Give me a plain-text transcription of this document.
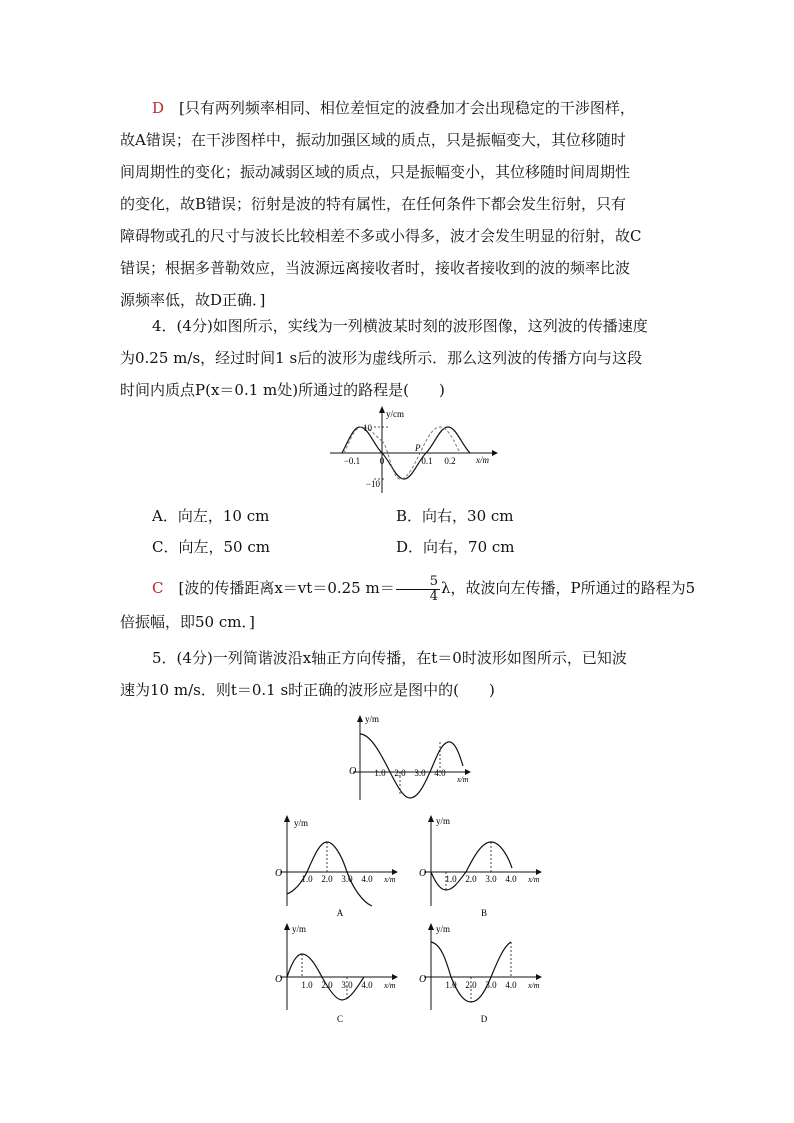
D　 [只有两列频率相同、相位差恒定的波叠加才会出现稳定的干涉图样，

故A错误；在干涉图样中，振动加强区域的质点，只是振幅变大，其位移随时

间周期性的变化；振动减弱区域的质点，只是振幅变小，其位移随时间周期性

的变化，故B错误；衍射是波的特有属性，在任何条件下都会发生衍射，只有

障碍物或孔的尺寸与波长比较相差不多或小得多，波才会发生明显的衍射，故C

错误；根据多普勒效应，当波源远离接收者时，接收者接收到的波的频率比波

源频率低，故D正确．]

4．(4分)如图所示，实线为一列横波某时刻的波形图像，这列波的传播速度

为0.25 m/s，经过时间1 s后的波形为虚线所示．那么这列波的传播方向与这段

时间内质点P(x＝0.1 m处)所通过的路程是(　　)

y/cm
x/m
10
−10
−0.1 0	0.1 0.2
P
A．向左，10 cm	B．向右，30 cm
C．向左，50 cm	D．向右，70 cm

C　 [波的传播距离x＝vt＝0.25 $m= \frac{5}{4}$ λ，故波向左传播，P所通过的路程为5

倍振幅，即50 cm．]

5．(4分)一列简谐波沿x轴正方向传播，在t＝0时波形如图所示，已知波

速为10 m/s．则t＝0.1 s时正确的波形应是图中的(　　)

y/m
O
x/m
1.0 2.0 3.0 4.0
y/m
O
x/m
1.0 2.0 3.0 4.0
A
y/m
O
x/m
1.0 2.0 3.0 4.0
B
y/m
O
x/m
1.0 2.0 3.0 4.0
C
y/m
O
x/m
1.0 2.0 3.0 4.0
D
